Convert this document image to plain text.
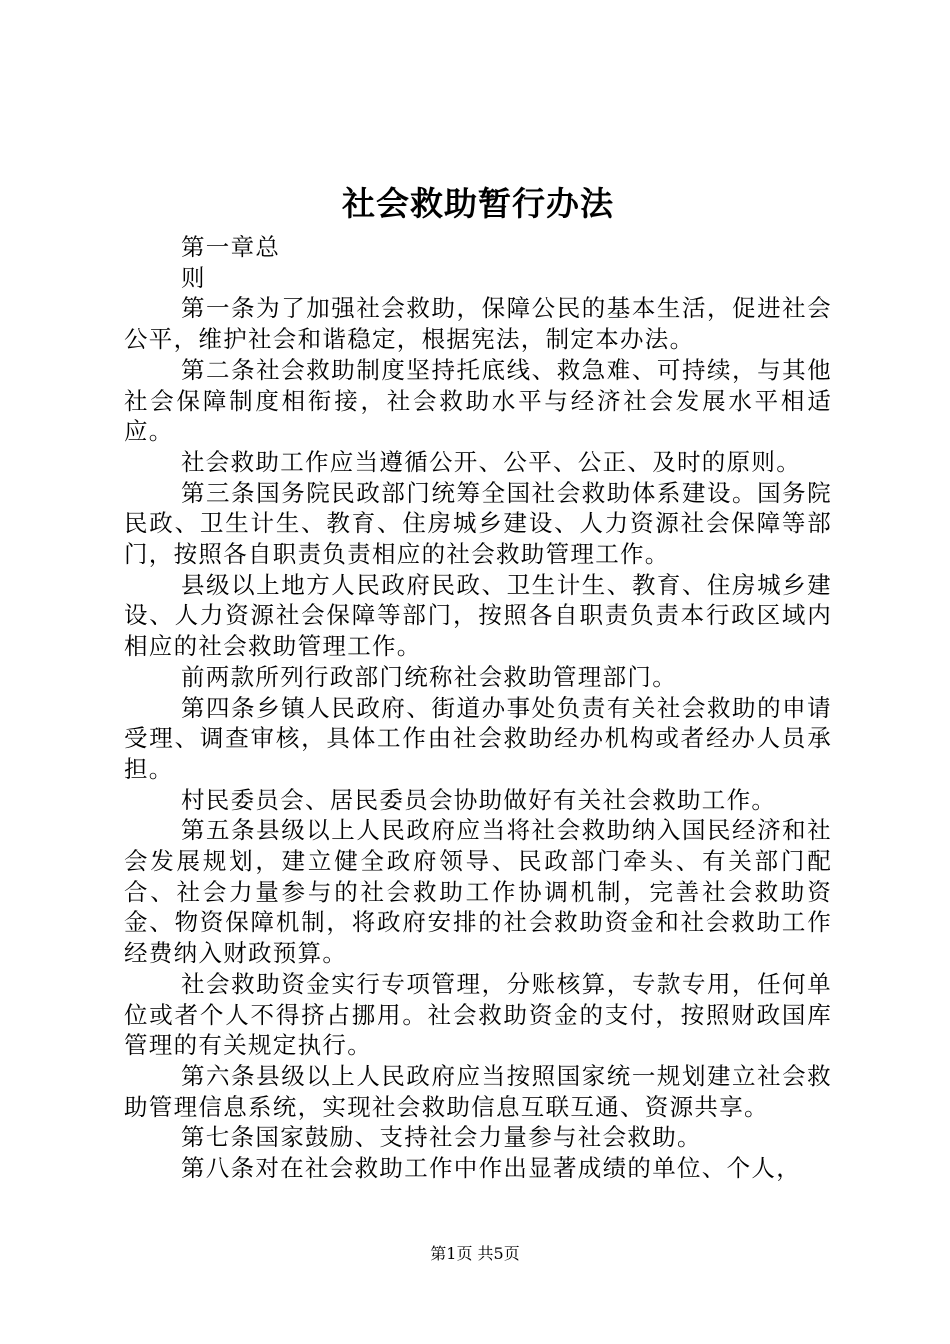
社会救助暂行办法

第一章总

则

第一条为了加强社会救助，保障公民的基本生活，促进社会公平，维护社会和谐稳定，根据宪法，制定本办法。

第二条社会救助制度坚持托底线、救急难、可持续，与其他社会保障制度相衔接，社会救助水平与经济社会发展水平相适应。

社会救助工作应当遵循公开、公平、公正、及时的原则。

第三条国务院民政部门统筹全国社会救助体系建设。国务院民政、卫生计生、教育、住房城乡建设、人力资源社会保障等部门，按照各自职责负责相应的社会救助管理工作。

县级以上地方人民政府民政、卫生计生、教育、住房城乡建设、人力资源社会保障等部门，按照各自职责负责本行政区域内相应的社会救助管理工作。

前两款所列行政部门统称社会救助管理部门。

第四条乡镇人民政府、街道办事处负责有关社会救助的申请受理、调查审核，具体工作由社会救助经办机构或者经办人员承担。

村民委员会、居民委员会协助做好有关社会救助工作。

第五条县级以上人民政府应当将社会救助纳入国民经济和社会发展规划，建立健全政府领导、民政部门牵头、有关部门配合、社会力量参与的社会救助工作协调机制，完善社会救助资金、物资保障机制，将政府安排的社会救助资金和社会救助工作经费纳入财政预算。

社会救助资金实行专项管理，分账核算，专款专用，任何单位或者个人不得挤占挪用。社会救助资金的支付，按照财政国库管理的有关规定执行。

第六条县级以上人民政府应当按照国家统一规划建立社会救助管理信息系统，实现社会救助信息互联互通、资源共享。

第七条国家鼓励、支持社会力量参与社会救助。

第八条对在社会救助工作中作出显著成绩的单位、个人，

第1页 共5页
